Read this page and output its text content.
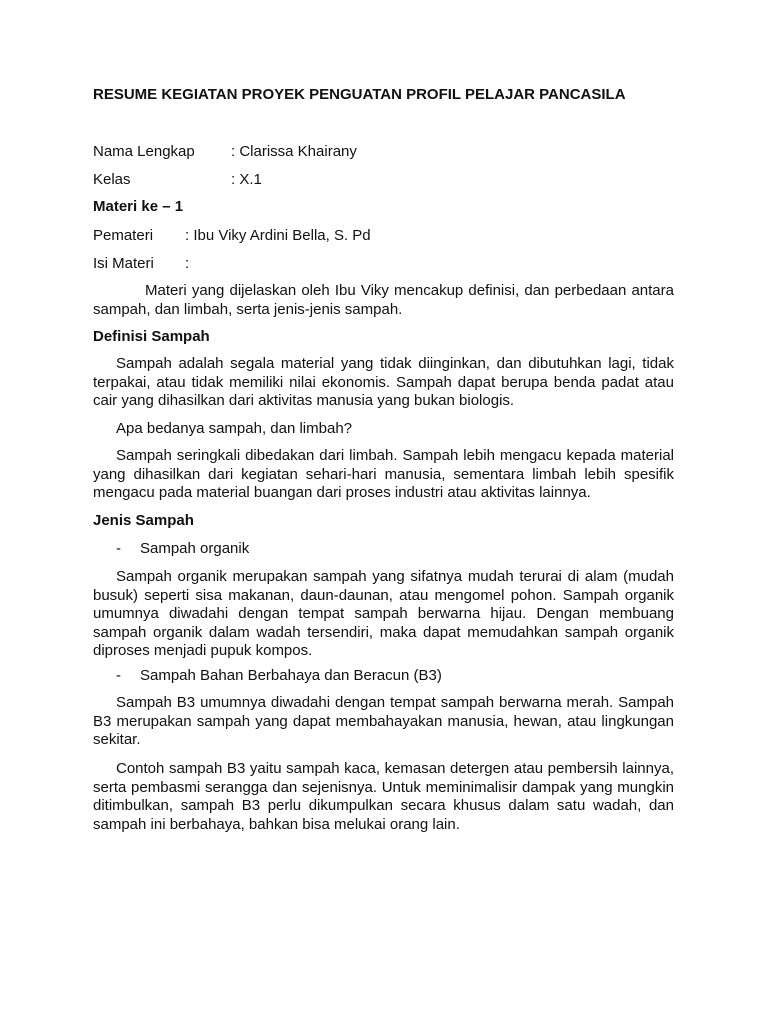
RESUME KEGIATAN PROYEK PENGUATAN PROFIL PELAJAR PANCASILA
Nama Lengkap : Clarissa Khairany
Kelas	: X.1
Materi ke – 1
Pemateri : Ibu Viky Ardini Bella, S. Pd
Isi Materi :

Materi yang dijelaskan oleh Ibu Viky mencakup definisi, dan perbedaan antara sampah, dan limbah, serta jenis-jenis sampah.

Definisi Sampah

Sampah adalah segala material yang tidak diinginkan, dan dibutuhkan lagi, tidak terpakai, atau tidak memiliki nilai ekonomis. Sampah dapat berupa benda padat atau cair yang dihasilkan dari aktivitas manusia yang bukan biologis.

Apa bedanya sampah, dan limbah?

Sampah seringkali dibedakan dari limbah. Sampah lebih mengacu kepada material yang dihasilkan dari kegiatan sehari-hari manusia, sementara limbah lebih spesifik mengacu pada material buangan dari proses industri atau aktivitas lainnya.

Jenis Sampah
- Sampah organik

Sampah organik merupakan sampah yang sifatnya mudah terurai di alam (mudah busuk) seperti sisa makanan, daun-daunan, atau mengomel pohon. Sampah organik umumnya diwadahi dengan tempat sampah berwarna hijau. Dengan membuang sampah organik dalam wadah tersendiri, maka dapat memudahkan sampah organik diproses menjadi pupuk kompos.

- Sampah Bahan Berbahaya dan Beracun (B3)

Sampah B3 umumnya diwadahi dengan tempat sampah berwarna merah. Sampah B3 merupakan sampah yang dapat membahayakan manusia, hewan, atau lingkungan sekitar.

Contoh sampah B3 yaitu sampah kaca, kemasan detergen atau pembersih lainnya, serta pembasmi serangga dan sejenisnya. Untuk meminimalisir dampak yang mungkin ditimbulkan, sampah B3 perlu dikumpulkan secara khusus dalam satu wadah, dan sampah ini berbahaya, bahkan bisa melukai orang lain.
